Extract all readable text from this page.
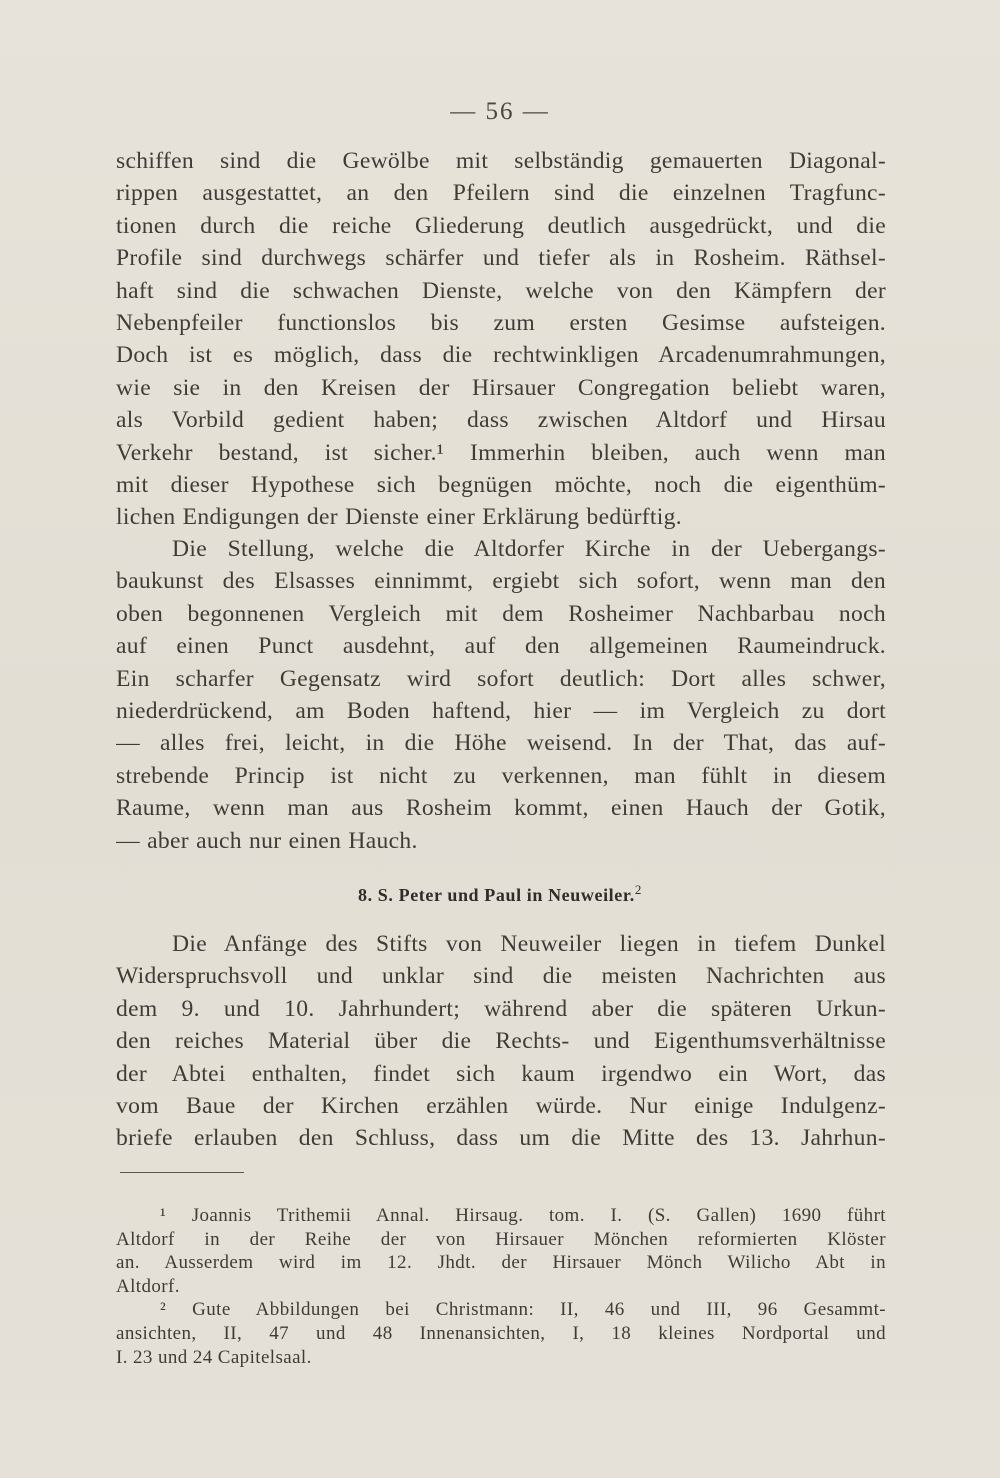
— 56 —
schiffen sind die Gewölbe mit selbständig gemauerten Diagonal-
rippen ausgestattet, an den Pfeilern sind die einzelnen Tragfunc-
tionen durch die reiche Gliederung deutlich ausgedrückt, und die
Profile sind durchwegs schärfer und tiefer als in Rosheim. Räthsel-
haft sind die schwachen Dienste, welche von den Kämpfern der
Nebenpfeiler functionslos bis zum ersten Gesimse aufsteigen.
Doch ist es möglich, dass die rechtwinkligen Arcadenumrahmungen,
wie sie in den Kreisen der Hirsauer Congregation beliebt waren,
als Vorbild gedient haben; dass zwischen Altdorf und Hirsau
Verkehr bestand, ist sicher.¹ Immerhin bleiben, auch wenn man
mit dieser Hypothese sich begnügen möchte, noch die eigenthüm-
lichen Endigungen der Dienste einer Erklärung bedürftig.
Die Stellung, welche die Altdorfer Kirche in der Uebergangs-
baukunst des Elsasses einnimmt, ergiebt sich sofort, wenn man den
oben begonnenen Vergleich mit dem Rosheimer Nachbarbau noch
auf einen Punct ausdehnt, auf den allgemeinen Raumeindruck.
Ein scharfer Gegensatz wird sofort deutlich: Dort alles schwer,
niederdrückend, am Boden haftend, hier — im Vergleich zu dort
— alles frei, leicht, in die Höhe weisend. In der That, das auf-
strebende Princip ist nicht zu verkennen, man fühlt in diesem
Raume, wenn man aus Rosheim kommt, einen Hauch der Gotik,
— aber auch nur einen Hauch.
8. S. Peter und Paul in Neuweiler.$^2$
Die Anfänge des Stifts von Neuweiler liegen in tiefem Dunkel
Widerspruchsvoll und unklar sind die meisten Nachrichten aus
dem 9. und 10. Jahrhundert; während aber die späteren Urkun-
den reiches Material über die Rechts- und Eigenthumsverhältnisse
der Abtei enthalten, findet sich kaum irgendwo ein Wort, das
vom Baue der Kirchen erzählen würde. Nur einige Indulgenz-
briefe erlauben den Schluss, dass um die Mitte des 13. Jahrhun-
¹ Joannis Trithemii Annal. Hirsaug. tom. I. (S. Gallen) 1690 führt
Altdorf in der Reihe der von Hirsauer Mönchen reformierten Klöster
an. Ausserdem wird im 12. Jhdt. der Hirsauer Mönch Wilicho Abt in
Altdorf.
² Gute Abbildungen bei Christmann: II, 46 und III, 96 Gesammt-
ansichten, II, 47 und 48 Innenansichten, I, 18 kleines Nordportal und
I. 23 und 24 Capitelsaal.
